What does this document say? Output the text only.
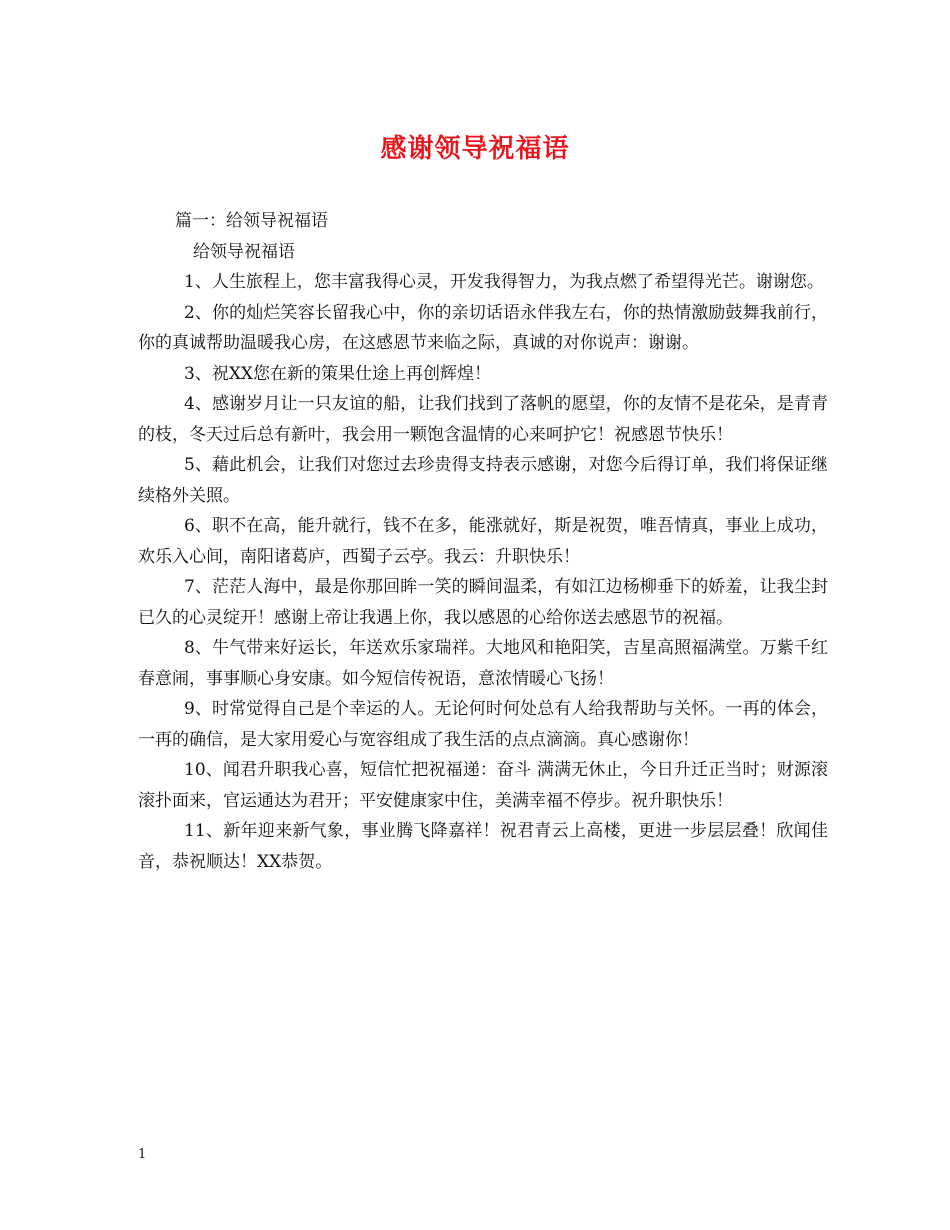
感谢领导祝福语

篇一：给领导祝福语

给领导祝福语

1、人生旅程上，您丰富我得心灵，开发我得智力，为我点燃了希望得光芒。谢谢您。

2、你的灿烂笑容长留我心中，你的亲切话语永伴我左右，你的热情激励鼓舞我前行，你的真诚帮助温暖我心房，在这感恩节来临之际，真诚的对你说声：谢谢。

3、祝XX您在新的策果仕途上再创辉煌！

4、感谢岁月让一只友谊的船，让我们找到了落帆的愿望，你的友情不是花朵，是青青的枝，冬天过后总有新叶，我会用一颗饱含温情的心来呵护它！祝感恩节快乐！

5、藉此机会，让我们对您过去珍贵得支持表示感谢，对您今后得订单，我们将保证继续格外关照。

6、职不在高，能升就行，钱不在多，能涨就好，斯是祝贺，唯吾情真，事业上成功，欢乐入心间，南阳诸葛庐，西蜀子云亭。我云：升职快乐！

7、茫茫人海中，最是你那回眸一笑的瞬间温柔，有如江边杨柳垂下的娇羞，让我尘封已久的心灵绽开！感谢上帝让我遇上你，我以感恩的心给你送去感恩节的祝福。

8、牛气带来好运长，年送欢乐家瑞祥。大地风和艳阳笑，吉星高照福满堂。万紫千红春意闹，事事顺心身安康。如今短信传祝语，意浓情暖心飞扬！

9、时常觉得自己是个幸运的人。无论何时何处总有人给我帮助与关怀。一再的体会，一再的确信，是大家用爱心与宽容组成了我生活的点点滴滴。真心感谢你！

10、闻君升职我心喜，短信忙把祝福递：奋斗 满满无休止，今日升迁正当时；财源滚滚扑面来，官运通达为君开；平安健康家中住，美满幸福不停步。祝升职快乐！

11、新年迎来新气象，事业腾飞降嘉祥！祝君青云上高楼，更进一步层层叠！欣闻佳音，恭祝顺达！XX恭贺。

1
